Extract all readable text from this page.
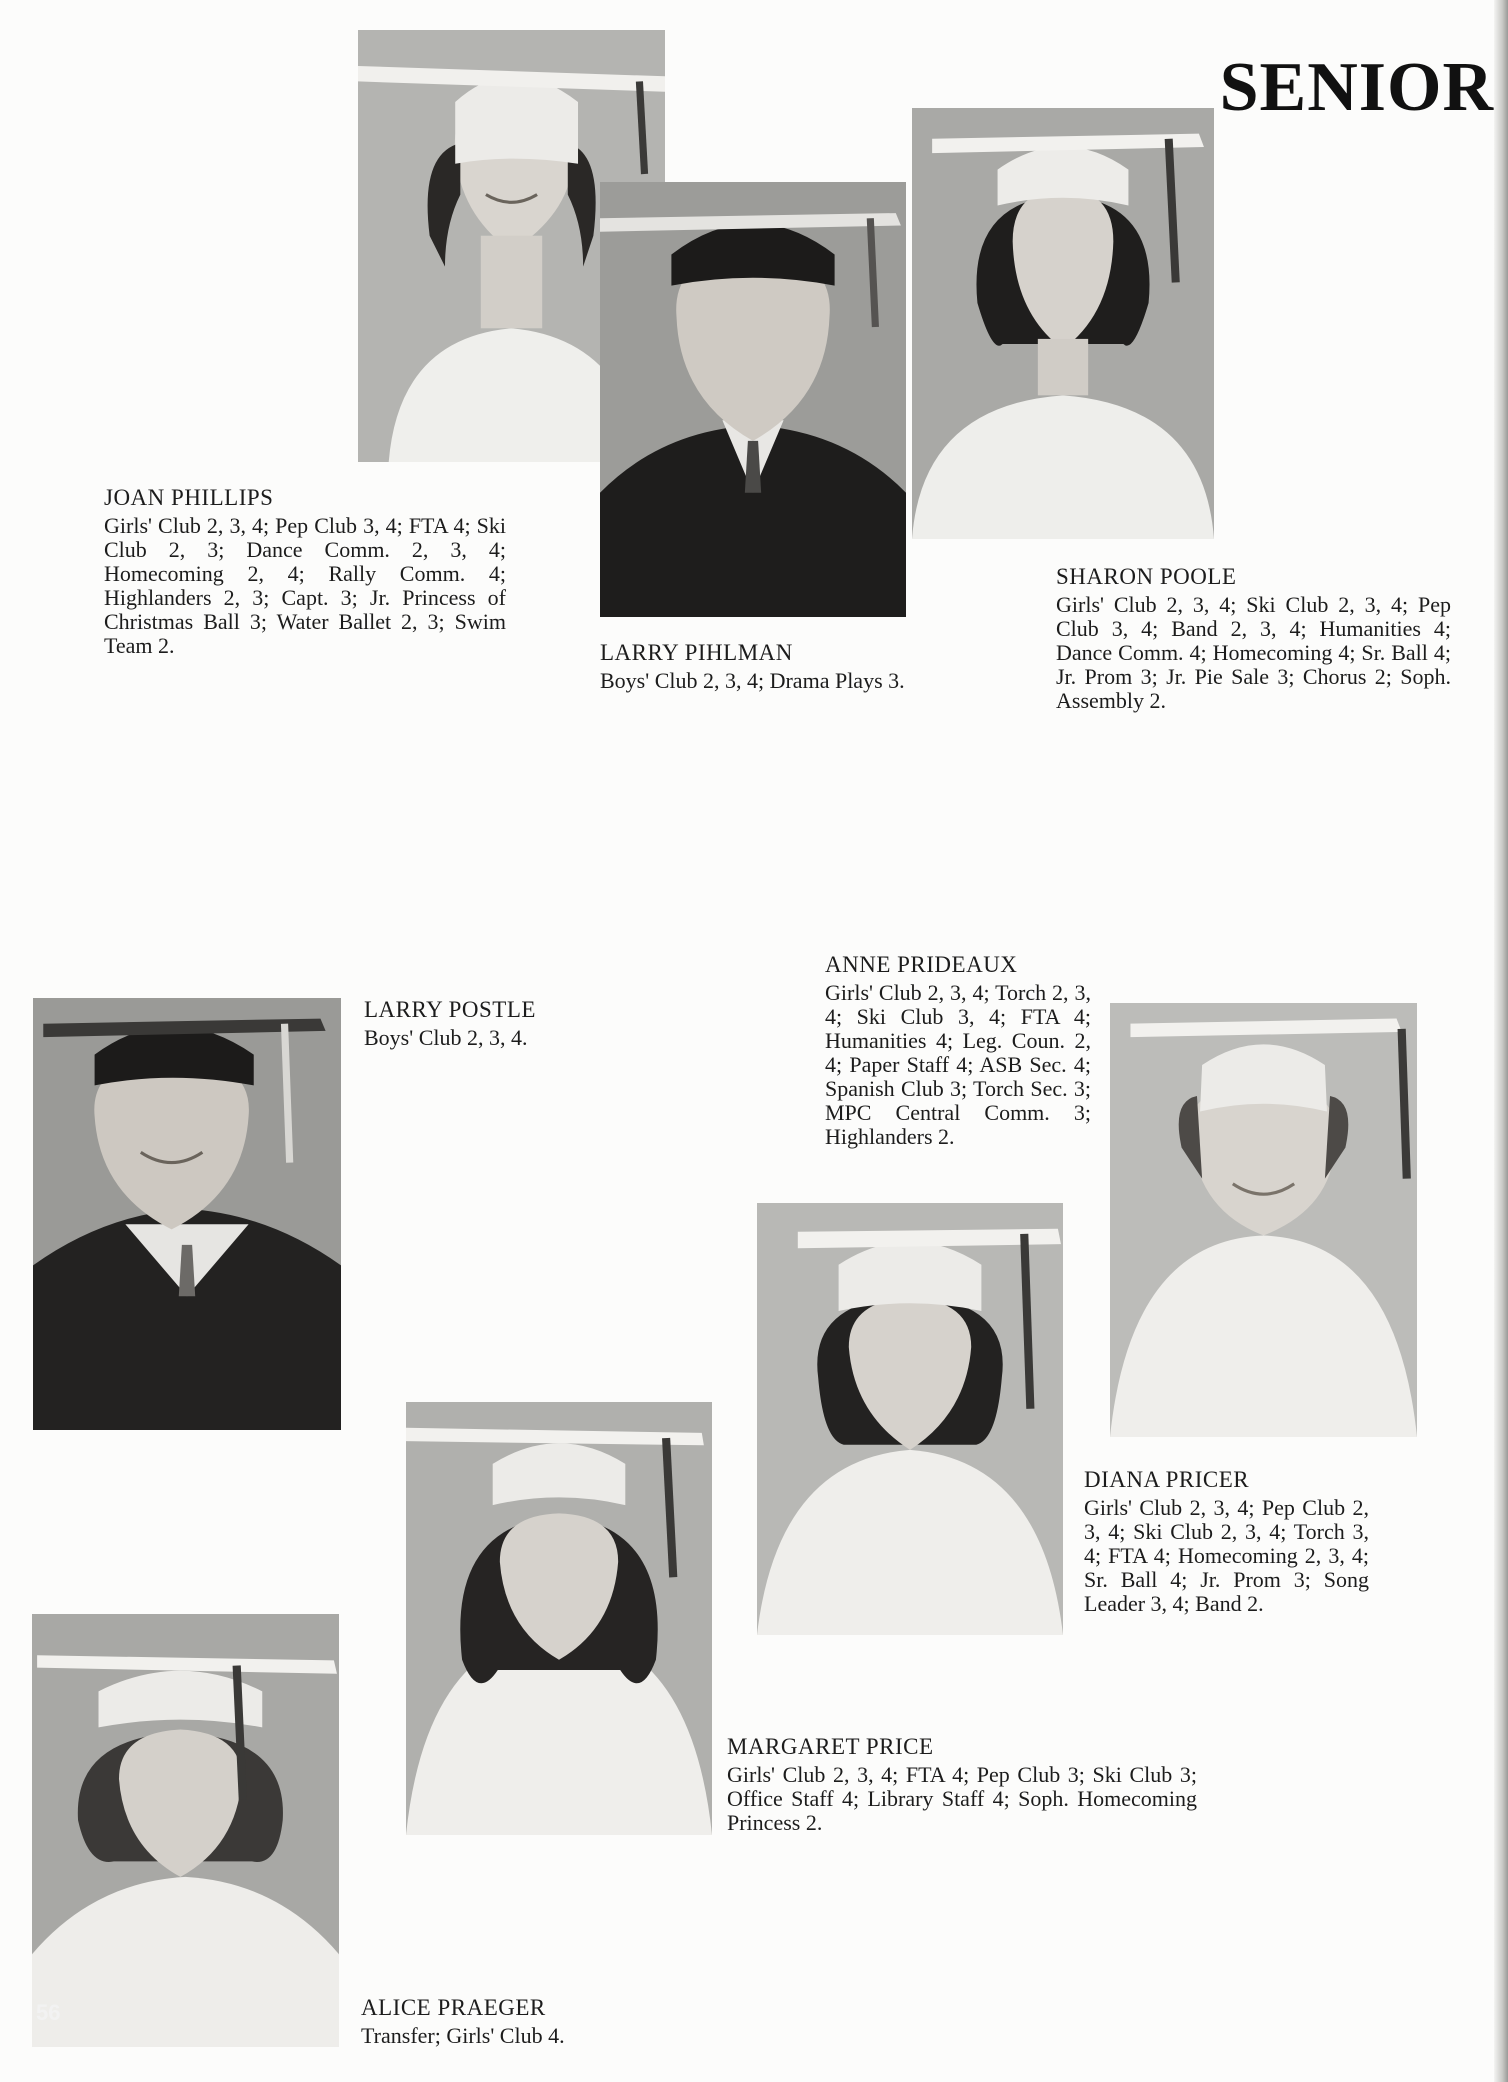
SENIOR
56
JOAN PHILLIPS
Girls' Club 2, 3, 4; Pep Club 3, 4; FTA 4; Ski Club 2, 3; Dance Comm. 2, 3, 4; Homecoming 2, 4; Rally Comm. 4; Highlanders 2, 3; Capt. 3; Jr. Princess of Christmas Ball 3; Water Ballet 2, 3; Swim Team 2.	LARRY PIHLMAN
Boys' Club 2, 3, 4; Drama Plays 3.
SHARON POOLE
Girls' Club 2, 3, 4; Ski Club 2, 3, 4; Pep Club 3, 4; Band 2, 3, 4; Humanities 4; Dance Comm. 4; Homecoming 4; Sr. Ball 4; Jr. Prom 3; Jr. Pie Sale 3; Chorus 2; Soph. Assembly 2.
LARRY POSTLE
Boys' Club 2, 3, 4.
ANNE PRIDEAUX
Girls' Club 2, 3, 4; Torch 2, 3, 4; Ski Club 3, 4; FTA 4; Humanities 4; Leg. Coun. 2, 4; Paper Staff 4; ASB Sec. 4; Spanish Club 3; Torch Sec. 3; MPC Central Comm. 3; Highlanders 2.
DIANA PRICER
Girls' Club 2, 3, 4; Pep Club 2, 3, 4; Ski Club 2, 3, 4; Torch 3, 4; FTA 4; Homecoming 2, 3, 4; Sr. Ball 4; Jr. Prom 3; Song Leader 3, 4; Band 2.
MARGARET PRICE
Girls' Club 2, 3, 4; FTA 4; Pep Club 3; Ski Club 3; Office Staff 4; Library Staff 4; Soph. Homecoming Princess 2.
ALICE PRAEGER
Transfer; Girls' Club 4.
